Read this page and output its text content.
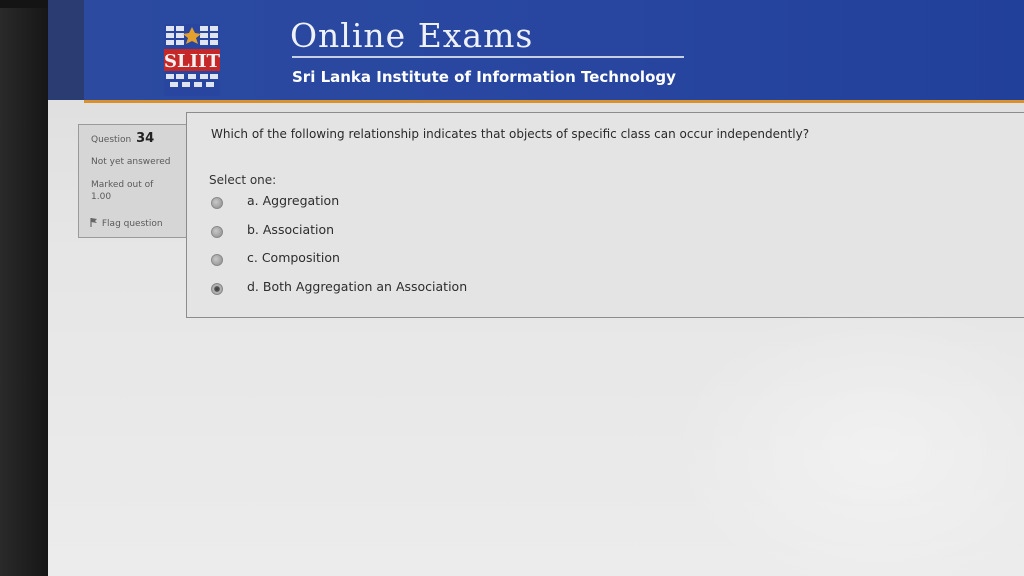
SLIIT
Online Exams
Sri Lanka Institute of Information Technology
Question 34
Not yet answered
Marked out of
1.00
Flag question
Which of the following relationship indicates that objects of specific class can occur independently?
Select one:
a. Aggregation
b. Association
c. Composition
d. Both Aggregation an Association
